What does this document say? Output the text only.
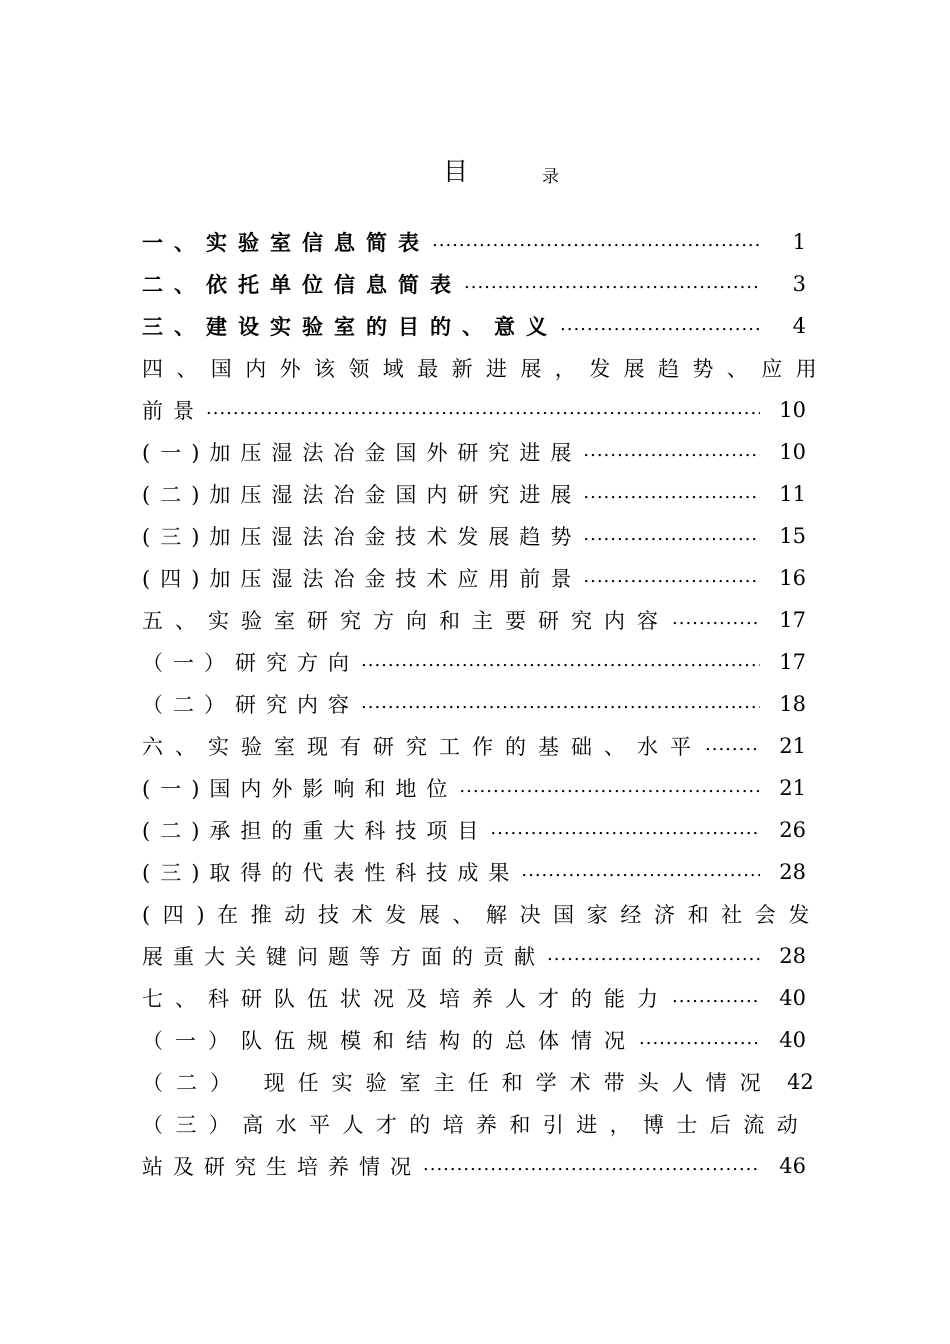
目	录
一、实验室信息简表 .....	1
二、依托单位信息简表 .....	3
三、建设实验室的目的、意义 .....	4
四、国内外该领域最新进展，发展趋势、应用
前景 .....	10
(一)加压湿法冶金国外研究进展 .....	10
(二)加压湿法冶金国内研究进展 .....	11
(三)加压湿法冶金技术发展趋势 .....	15
(四)加压湿法冶金技术应用前景 .....	16
五、实验室研究方向和主要研究内容 .....	17
（一）研究方向 .....	17
（二）研究内容 .....	18
六、实验室现有研究工作的基础、水平 .....	21
(一)国内外影响和地位 .....	21
(二)承担的重大科技项目 .....	26
(三)取得的代表性科技成果 .....	28
(四)在推动技术发展、解决国家经济和社会发
展重大关键问题等方面的贡献 .....	28
七、科研队伍状况及培养人才的能力 .....	40
（一）队伍规模和结构的总体情况 .....	40
（二） 现任实验室主任和学术带头人情况 42
（三）高水平人才的培养和引进，博士后流动
站及研究生培养情况 .....	46
